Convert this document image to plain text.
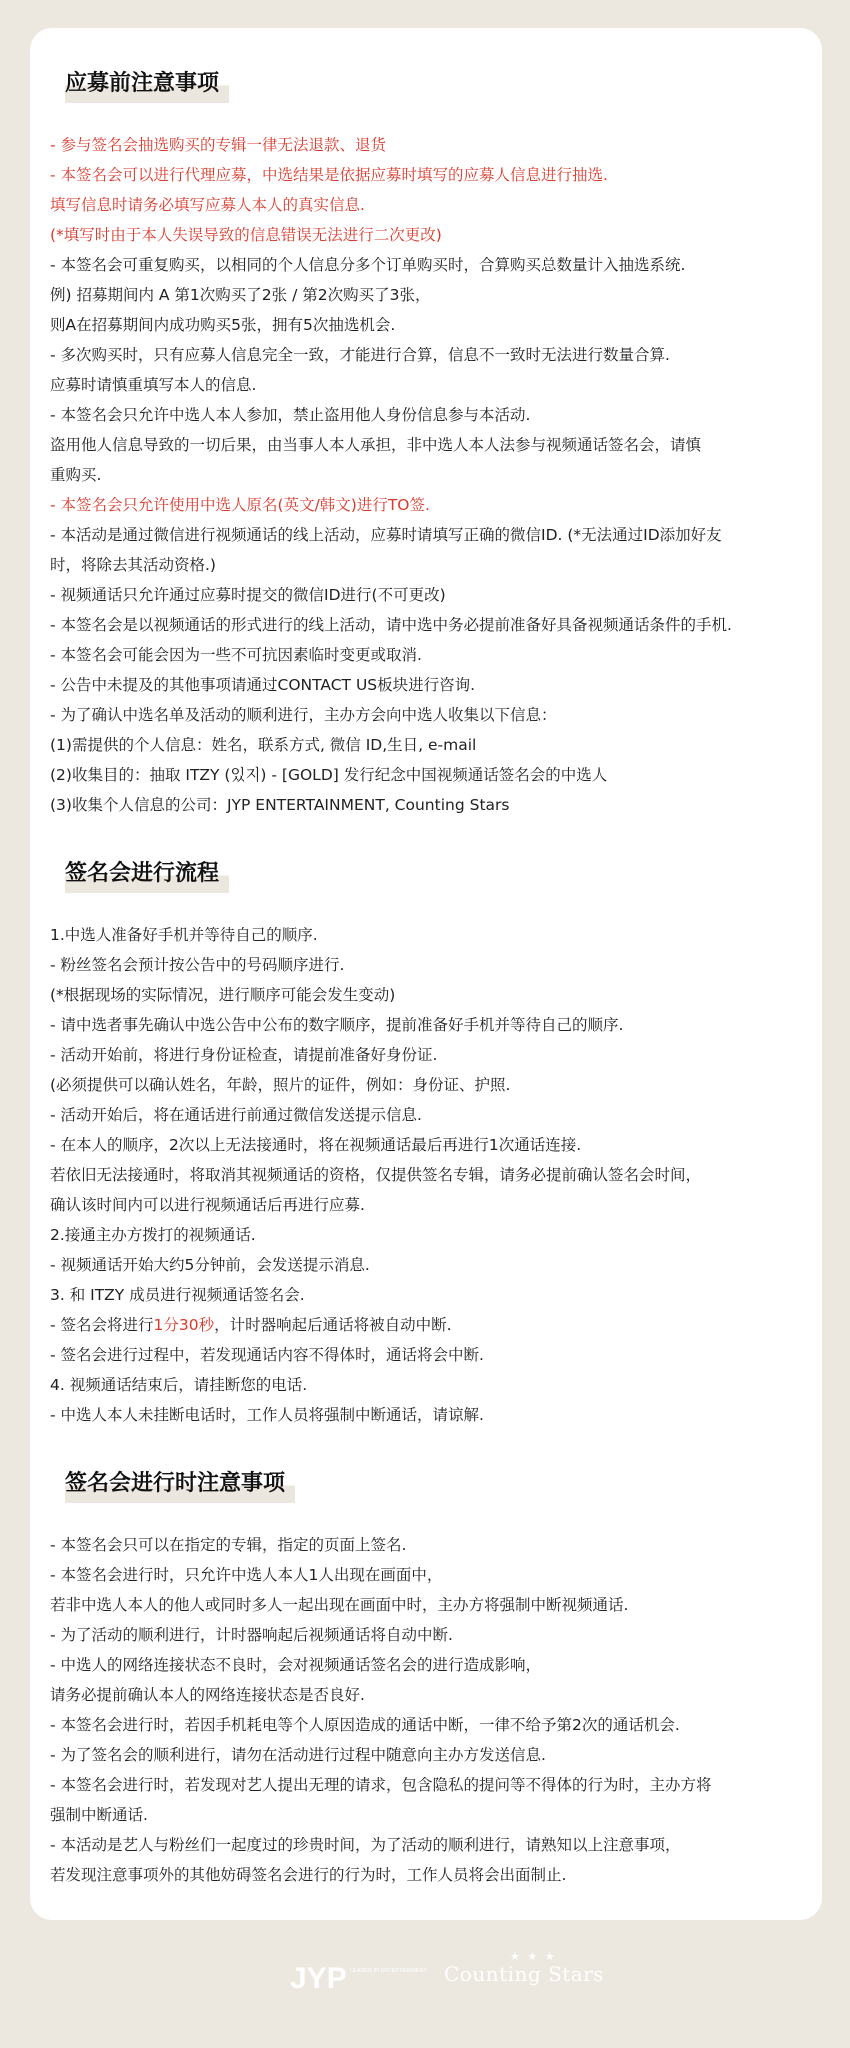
应募前注意事项
- 参与签名会抽选购买的专辑一律无法退款、退货
- 本签名会可以进行代理应募，中选结果是依据应募时填写的应募人信息进行抽选.
填写信息时请务必填写应募人本人的真实信息.
(*填写时由于本人失误导致的信息错误无法进行二次更改)
- 本签名会可重复购买，以相同的个人信息分多个订单购买时，合算购买总数量计入抽选系统.
例) 招募期间内 A 第1次购买了2张 / 第2次购买了3张，
则A在招募期间内成功购买5张，拥有5次抽选机会.
- 多次购买时，只有应募人信息完全一致，才能进行合算，信息不一致时无法进行数量合算.
应募时请慎重填写本人的信息.
- 本签名会只允许中选人本人参加，禁止盗用他人身份信息参与本活动.
盗用他人信息导致的一切后果，由当事人本人承担，非中选人本人法参与视频通话签名会，请慎
重购买.
- 本签名会只允许使用中选人原名(英文/韩文)进行TO签.
- 本活动是通过微信进行视频通话的线上活动，应募时请填写正确的微信ID. (*无法通过ID添加好友
时，将除去其活动资格.)
- 视频通话只允许通过应募时提交的微信ID进行(不可更改)
- 本签名会是以视频通话的形式进行的线上活动，请中选中务必提前准备好具备视频通话条件的手机.
- 本签名会可能会因为一些不可抗因素临时变更或取消.
- 公告中未提及的其他事项请通过CONTACT US板块进行咨询.
- 为了确认中选名单及活动的顺利进行，主办方会向中选人收集以下信息：
(1)需提供的个人信息：姓名，联系方式, 微信 ID,生日, e-mail
(2)收集目的：抽取 ITZY (있지) - [GOLD] 发行纪念中国视频通话签名会的中选人
(3)收集个人信息的公司：JYP ENTERTAINMENT, Counting Stars
签名会进行流程
1.中选人准备好手机并等待自己的顺序.
- 粉丝签名会预计按公告中的号码顺序进行.
(*根据现场的实际情况，进行顺序可能会发生变动)
- 请中选者事先确认中选公告中公布的数字顺序，提前准备好手机并等待自己的顺序.
- 活动开始前，将进行身份证检查，请提前准备好身份证.
(必须提供可以确认姓名，年龄，照片的证件，例如：身份证、护照.
- 活动开始后，将在通话进行前通过微信发送提示信息.
- 在本人的顺序，2次以上无法接通时，将在视频通话最后再进行1次通话连接.
若依旧无法接通时，将取消其视频通话的资格，仅提供签名专辑，请务必提前确认签名会时间，
确认该时间内可以进行视频通话后再进行应募.
2.接通主办方拨打的视频通话.
- 视频通话开始大约5分钟前，会发送提示消息.
3. 和 ITZY 成员进行视频通话签名会.
- 签名会将进行1分30秒，计时器响起后通话将被自动中断.
- 签名会进行过程中，若发现通话内容不得体时，通话将会中断.
4. 视频通话结束后，请挂断您的电话.
- 中选人本人未挂断电话时，工作人员将强制中断通话，请谅解.
签名会进行时注意事项
- 本签名会只可以在指定的专辑，指定的页面上签名.
- 本签名会进行时，只允许中选人本人1人出现在画面中，
若非中选人本人的他人或同时多人一起出现在画面中时，主办方将强制中断视频通话.
- 为了活动的顺利进行，计时器响起后视频通话将自动中断.
- 中选人的网络连接状态不良时，会对视频通话签名会的进行造成影响，
请务必提前确认本人的网络连接状态是否良好.
- 本签名会进行时，若因手机耗电等个人原因造成的通话中断，一律不给予第2次的通话机会.
- 为了签名会的顺利进行，请勿在活动进行过程中随意向主办方发送信息.
- 本签名会进行时，若发现对艺人提出无理的请求，包含隐私的提问等不得体的行为时，主办方将
强制中断通话.
- 本活动是艺人与粉丝们一起度过的珍贵时间，为了活动的顺利进行，请熟知以上注意事项，
若发现注意事项外的其他妨碍签名会进行的行为时，工作人员将会出面制止.
JYP LEADER IN ENTERTAINMENT
★ ★ ★
Counting Stars
